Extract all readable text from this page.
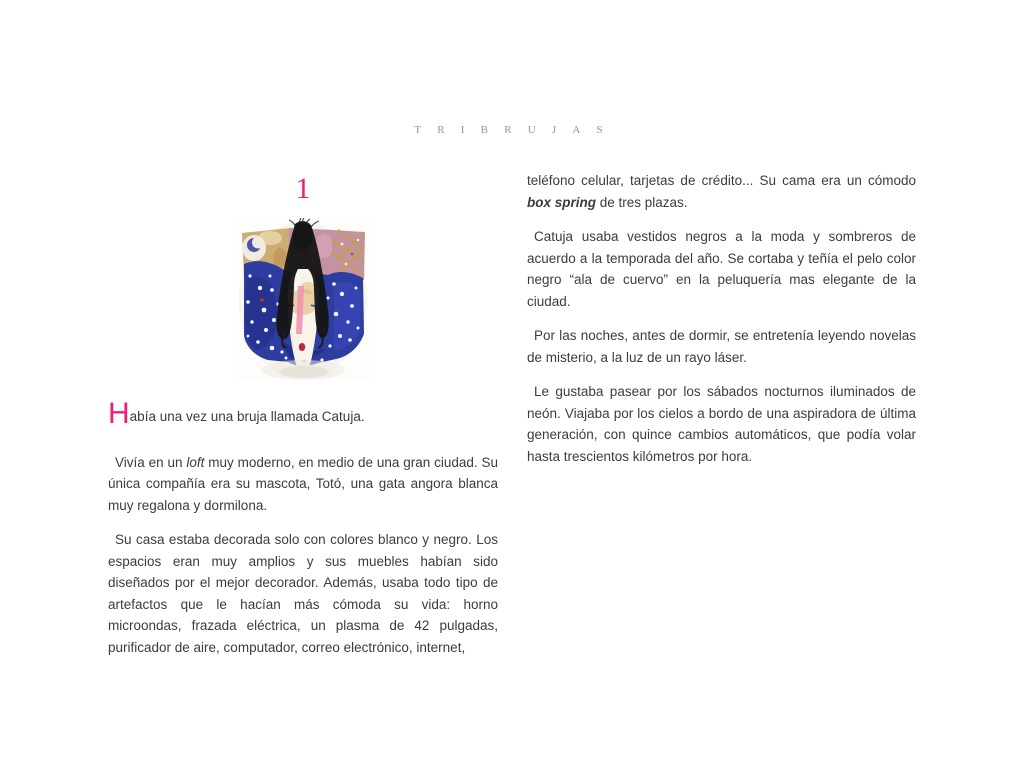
T R I B R U J A S
1

Había una vez una bruja llamada Catuja.

Vivía en un loft muy moderno, en medio de una gran ciudad. Su única compañía era su mascota, Totó, una gata angora blanca muy regalona y dormilona.

Su casa estaba decorada solo con colores blanco y negro. Los espacios eran muy amplios y sus muebles habían sido diseñados por el mejor decorador. Además, usaba todo tipo de artefactos que le hacían más cómoda su vida: horno microondas, frazada eléctrica, un plasma de 42 pulgadas, purificador de aire, computador, correo electrónico, internet,

teléfono celular, tarjetas de crédito... Su cama era un cómodo box spring de tres plazas.

Catuja usaba vestidos negros a la moda y sombreros de acuerdo a la temporada del año. Se cortaba y teñía el pelo color negro “ala de cuervo” en la peluquería mas elegante de la ciudad.

Por las noches, antes de dormir, se entretenía leyendo novelas de misterio, a la luz de un rayo láser.

Le gustaba pasear por los sábados nocturnos iluminados de neón. Viajaba por los cielos a bordo de una aspiradora de última generación, con quince cambios automáticos, que podía volar hasta trescientos kilómetros por hora.
